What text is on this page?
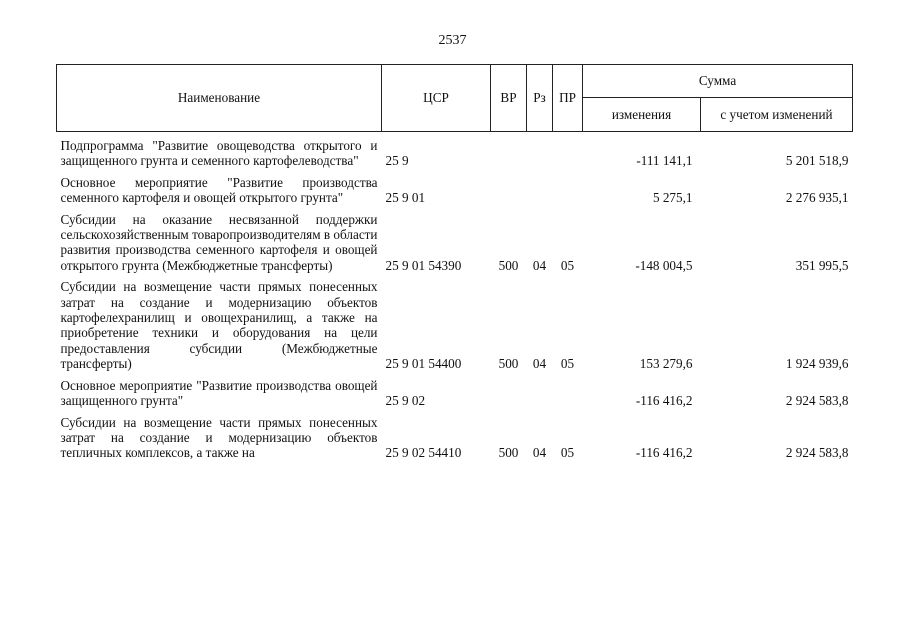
2537
Наименование	ЦСР	ВР	Рз	ПР	Сумма	
					изменения	с учетом изменений
Подпрограмма "Развитие овощеводства открытого и защищенного грунта и семенного картофелеводства"	25 9				-111 141,1	5 201 518,9
Основное мероприятие "Развитие производства семенного картофеля и овощей открытого грунта"	25 9 01				5 275,1	2 276 935,1
Субсидии на оказание несвязанной поддержки сельскохозяйственным товаропроизводителям в области развития производства семенного картофеля и овощей открытого грунта (Межбюджетные трансферты)	25 9 01 54390	500	04	05	-148 004,5	351 995,5
Субсидии на возмещение части прямых понесенных затрат на создание и модернизацию объектов картофелехранилищ и овощехранилищ, а также на приобретение техники и оборудования на цели предоставления субсидии (Межбюджетные трансферты)	25 9 01 54400	500	04	05	153 279,6	1 924 939,6
Основное мероприятие "Развитие производства овощей защищенного грунта"	25 9 02				-116 416,2	2 924 583,8
Субсидии на возмещение части прямых понесенных затрат на создание и модернизацию объектов тепличных комплексов, а также на	25 9 02 54410	500	04	05	-116 416,2	2 924 583,8
